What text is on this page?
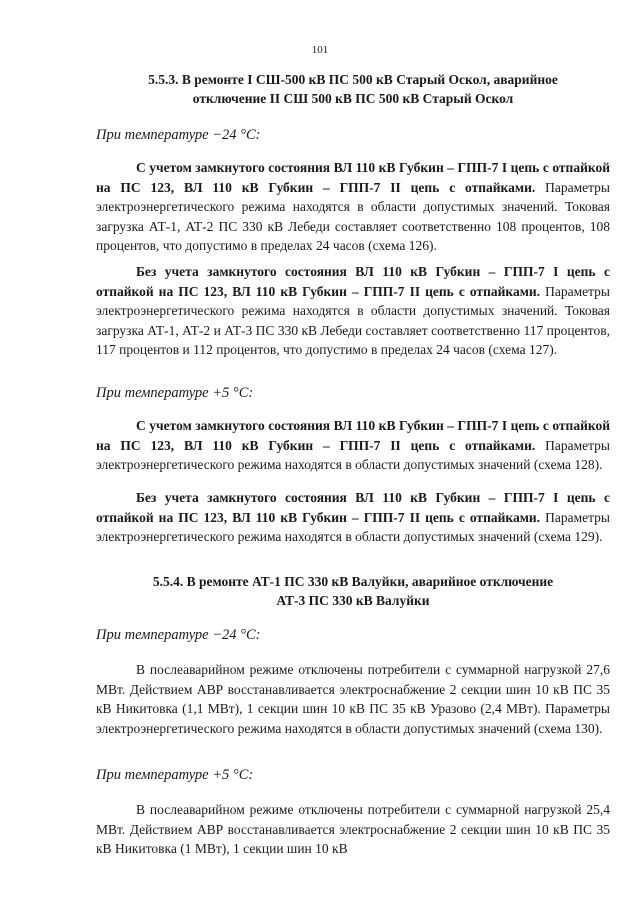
101
5.5.3. В ремонте I СШ-500 кВ ПС 500 кВ Старый Оскол, аварийное
отключение II СШ 500 кВ ПС 500 кВ Старый Оскол
При температуре −24 °С:
С учетом замкнутого состояния ВЛ 110 кВ Губкин – ГПП-7 I цепь с отпайкой на ПС 123, ВЛ 110 кВ Губкин – ГПП-7 II цепь с отпайками. Параметры электроэнергетического режима находятся в области допустимых значений. Токовая загрузка АТ-1, АТ-2 ПС 330 кВ Лебеди составляет соответственно 108 процентов, 108 процентов, что допустимо в пределах 24 часов (схема 126).
Без учета замкнутого состояния ВЛ 110 кВ Губкин – ГПП-7 I цепь с отпайкой на ПС 123, ВЛ 110 кВ Губкин – ГПП-7 II цепь с отпайками. Параметры электроэнергетического режима находятся в области допустимых значений. Токовая загрузка АТ-1, АТ-2 и АТ-3 ПС 330 кВ Лебеди составляет соответственно 117 процентов, 117 процентов и 112 процентов, что допустимо в пределах 24 часов (схема 127).
При температуре +5 °С:
С учетом замкнутого состояния ВЛ 110 кВ Губкин – ГПП-7 I цепь с отпайкой на ПС 123, ВЛ 110 кВ Губкин – ГПП-7 II цепь с отпайками. Параметры электроэнергетического режима находятся в области допустимых значений (схема 128).
Без учета замкнутого состояния ВЛ 110 кВ Губкин – ГПП-7 I цепь с отпайкой на ПС 123, ВЛ 110 кВ Губкин – ГПП-7 II цепь с отпайками. Параметры электроэнергетического режима находятся в области допустимых значений (схема 129).
5.5.4. В ремонте АТ-1 ПС 330 кВ Валуйки, аварийное отключение
АТ-3 ПС 330 кВ Валуйки
При температуре −24 °С:
В послеаварийном режиме отключены потребители с суммарной нагрузкой 27,6 МВт. Действием АВР восстанавливается электроснабжение 2 секции шин 10 кВ ПС 35 кВ Никитовка (1,1 МВт), 1 секции шин 10 кВ ПС 35 кВ Уразово (2,4 МВт). Параметры электроэнергетического режима находятся в области допустимых значений (схема 130).
При температуре +5 °С:
В послеаварийном режиме отключены потребители с суммарной нагрузкой 25,4 МВт. Действием АВР восстанавливается электроснабжение 2 секции шин 10 кВ ПС 35 кВ Никитовка (1 МВт), 1 секции шин 10 кВ
